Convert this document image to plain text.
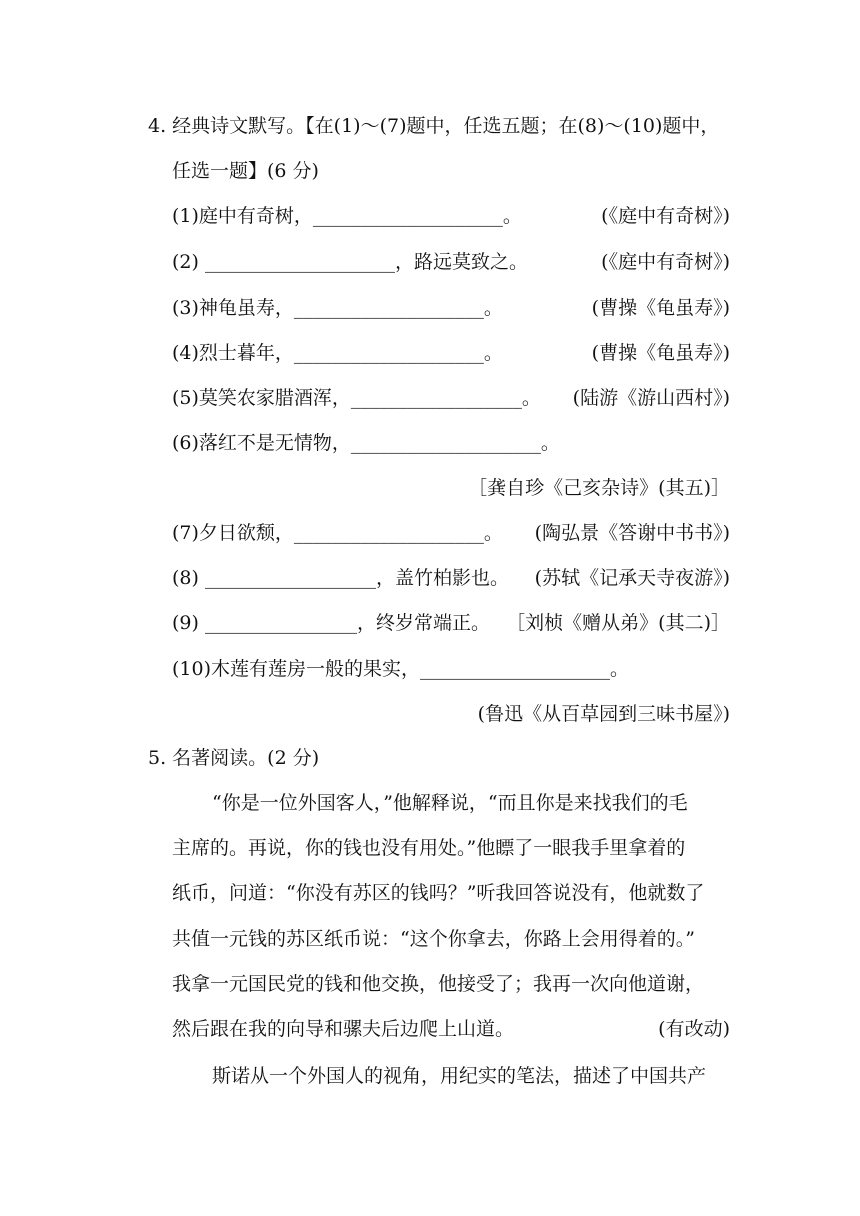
4. 经典诗文默写。【在(1)～(7)题中，任选五题；在(8)～(10)题中，
任选一题】(6 分)
(1)庭中有奇树，____________________。	(《庭中有奇树》)
(2) ____________________，路远莫致之。	(《庭中有奇树》)
(3)神龟虽寿，____________________。	(曹操《龟虽寿》)
(4)烈士暮年，____________________。	(曹操《龟虽寿》)
(5)莫笑农家腊酒浑，__________________。 (陆游《游山西村》)
(6)落红不是无情物，____________________。
［龚自珍《己亥杂诗》(其五)］
(7)夕日欲颓，____________________。 (陶弘景《答谢中书书》)
(8) __________________，盖竹柏影也。 (苏轼《记承天寺夜游》)
(9) ________________，终岁常端正。 ［刘桢《赠从弟》(其二)］
(10)木莲有莲房一般的果实，____________________。
(鲁迅《从百草园到三味书屋》)
5. 名著阅读。(2 分)
“你是一位外国客人，”他解释说，“而且你是来找我们的毛
主席的。再说，你的钱也没有用处。”他瞟了一眼我手里拿着的
纸币，问道：“你没有苏区的钱吗？”听我回答说没有，他就数了
共值一元钱的苏区纸币说：“这个你拿去，你路上会用得着的。”
我拿一元国民党的钱和他交换，他接受了；我再一次向他道谢，
然后跟在我的向导和骡夫后边爬上山道。	(有改动)
斯诺从一个外国人的视角，用纪实的笔法，描述了中国共产
